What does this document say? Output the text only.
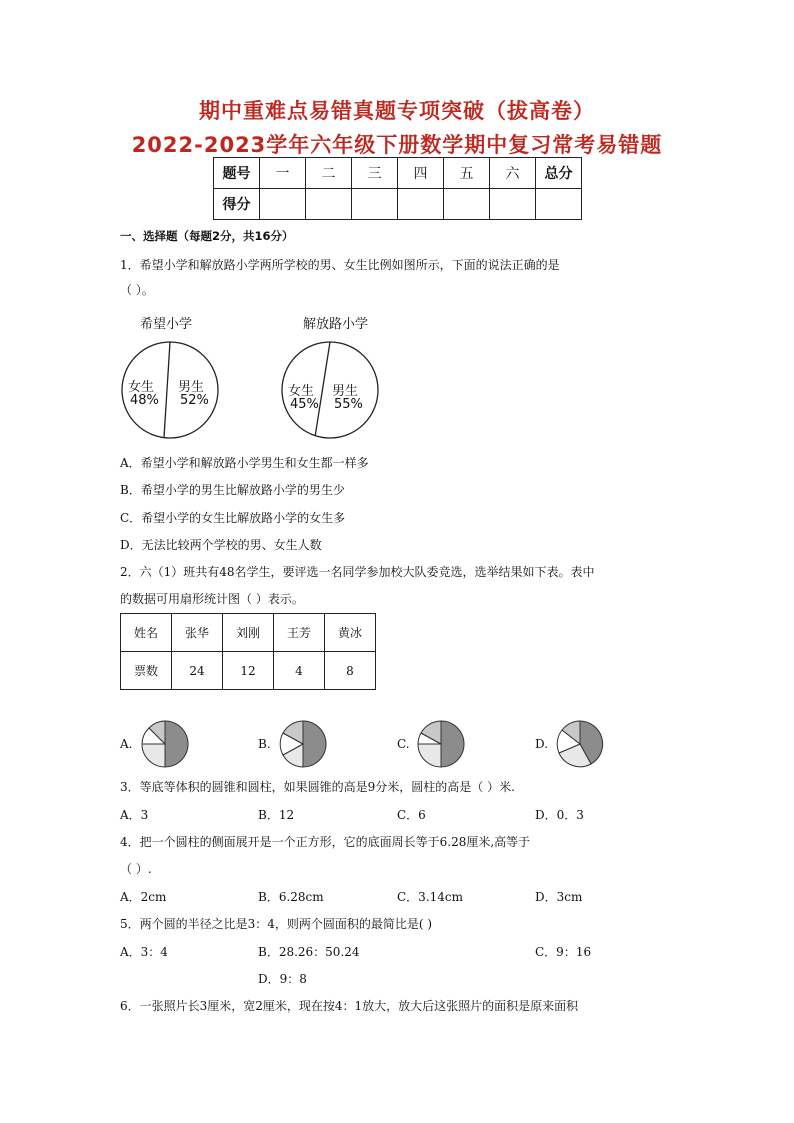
期中重难点易错真题专项突破（拔高卷）
2022-2023学年六年级下册数学期中复习常考易错题
题号	一	二	三	四	五	六	总分
得分							
一、选择题（每题2分，共16分）
1．希望小学和解放路小学两所学校的男、女生比例如图所示，下面的说法正确的是
（ ）。
希望小学	解放路小学
女生
48%
男生
52%
女生
45%
男生
55%
A．希望小学和解放路小学男生和女生都一样多
B．希望小学的男生比解放路小学的男生少
C．希望小学的女生比解放路小学的女生多
D．无法比较两个学校的男、女生人数
2．六（1）班共有48名学生，要评选一名同学参加校大队委竞选，选举结果如下表。表中
的数据可用扇形统计图（ ）表示。
姓名	张华	刘刚	王芳	黄冰
票数	24	12	4	8
A.	B.	C.	D.
3．等底等体积的圆锥和圆柱，如果圆锥的高是9分米，圆柱的高是（ ）米.
A．3	B．12	C．6	D．0．3
4．把一个圆柱的侧面展开是一个正方形，它的底面周长等于6.28厘米,高等于
（ ）.
A．2cm	B．6.28cm	C．3.14cm	D．3cm
5．两个圆的半径之比是3：4，则两个圆面积的最简比是( )
A．3：4	B．28.26：50.24	C．9：16
D．9：8
6．一张照片长3厘米，宽2厘米，现在按4：1放大，放大后这张照片的面积是原来面积
